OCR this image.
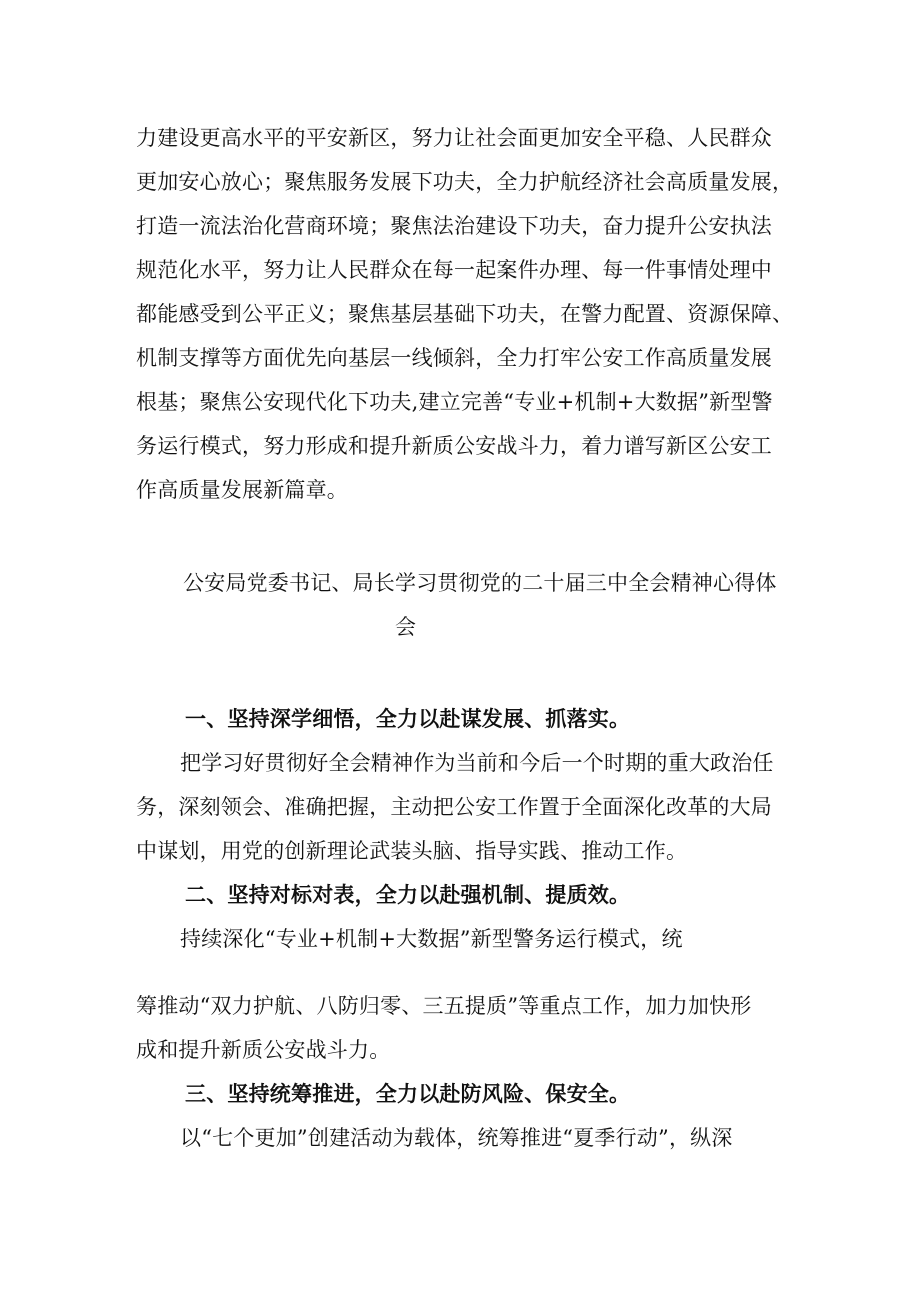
力建设更高水平的平安新区，努力让社会面更加安全平稳、人民群众
更加安心放心；聚焦服务发展下功夫，全力护航经济社会高质量发展，
打造一流法治化营商环境；聚焦法治建设下功夫，奋力提升公安执法
规范化水平，努力让人民群众在每一起案件办理、每一件事情处理中
都能感受到公平正义；聚焦基层基础下功夫，在警力配置、资源保障、
机制支撑等方面优先向基层一线倾斜，全力打牢公安工作高质量发展
根基；聚焦公安现代化下功夫,建立完善“专业+机制+大数据”新型警
务运行模式，努力形成和提升新质公安战斗力，着力谱写新区公安工
作高质量发展新篇章。
公安局党委书记、局长学习贯彻党的二十届三中全会精神心得体
会
一、坚持深学细悟，全力以赴谋发展、抓落实。
把学习好贯彻好全会精神作为当前和今后一个时期的重大政治任
务，深刻领会、准确把握，主动把公安工作置于全面深化改革的大局
中谋划，用党的创新理论武装头脑、指导实践、推动工作。
二、坚持对标对表，全力以赴强机制、提质效。
持续深化“专业+机制+大数据”新型警务运行模式，统
筹推动“双力护航、八防归零、三五提质”等重点工作，加力加快形
成和提升新质公安战斗力。
三、坚持统筹推进，全力以赴防风险、保安全。
以“七个更加”创建活动为载体，统筹推进“夏季行动”，纵深
